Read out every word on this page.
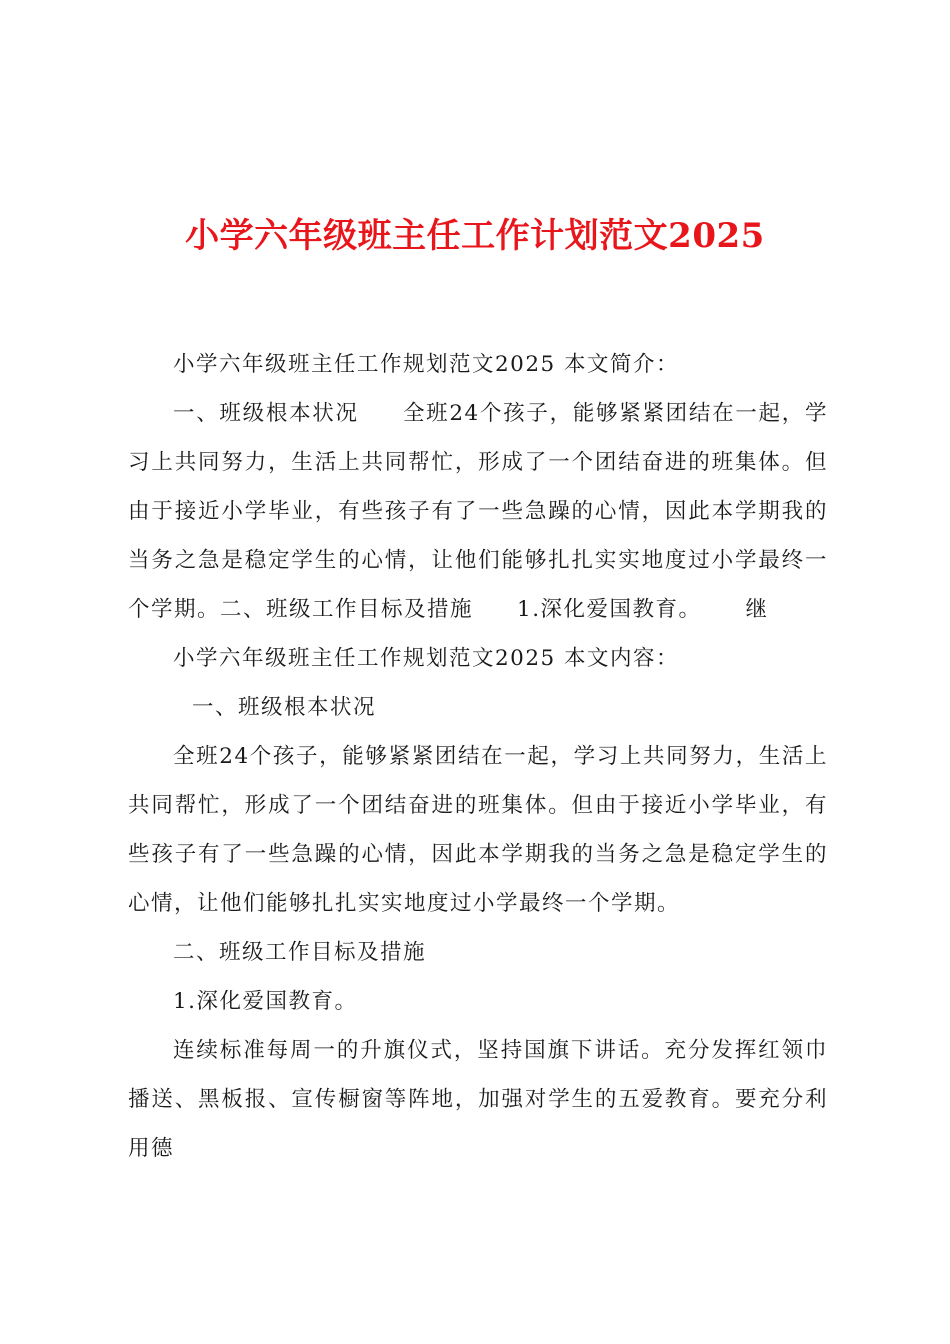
小学六年级班主任工作计划范文2025

小学六年级班主任工作规划范文2025 本文简介：

一、班级根本状况 全班24个孩子，能够紧紧团结在一起，学习上共同努力，生活上共同帮忙，形成了一个团结奋进的班集体。但由于接近小学毕业，有些孩子有了一些急躁的心情，因此本学期我的当务之急是稳定学生的心情，让他们能够扎扎实实地度过小学最终一个学期。二、班级工作目标及措施 1.深化爱国教育。 继

小学六年级班主任工作规划范文2025 本文内容：

一、班级根本状况

全班24个孩子，能够紧紧团结在一起，学习上共同努力，生活上共同帮忙，形成了一个团结奋进的班集体。但由于接近小学毕业，有些孩子有了一些急躁的心情，因此本学期我的当务之急是稳定学生的心情，让他们能够扎扎实实地度过小学最终一个学期。

二、班级工作目标及措施

1.深化爱国教育。

连续标准每周一的升旗仪式，坚持国旗下讲话。充分发挥红领巾播送、黑板报、宣传橱窗等阵地，加强对学生的五爱教育。要充分利用德
